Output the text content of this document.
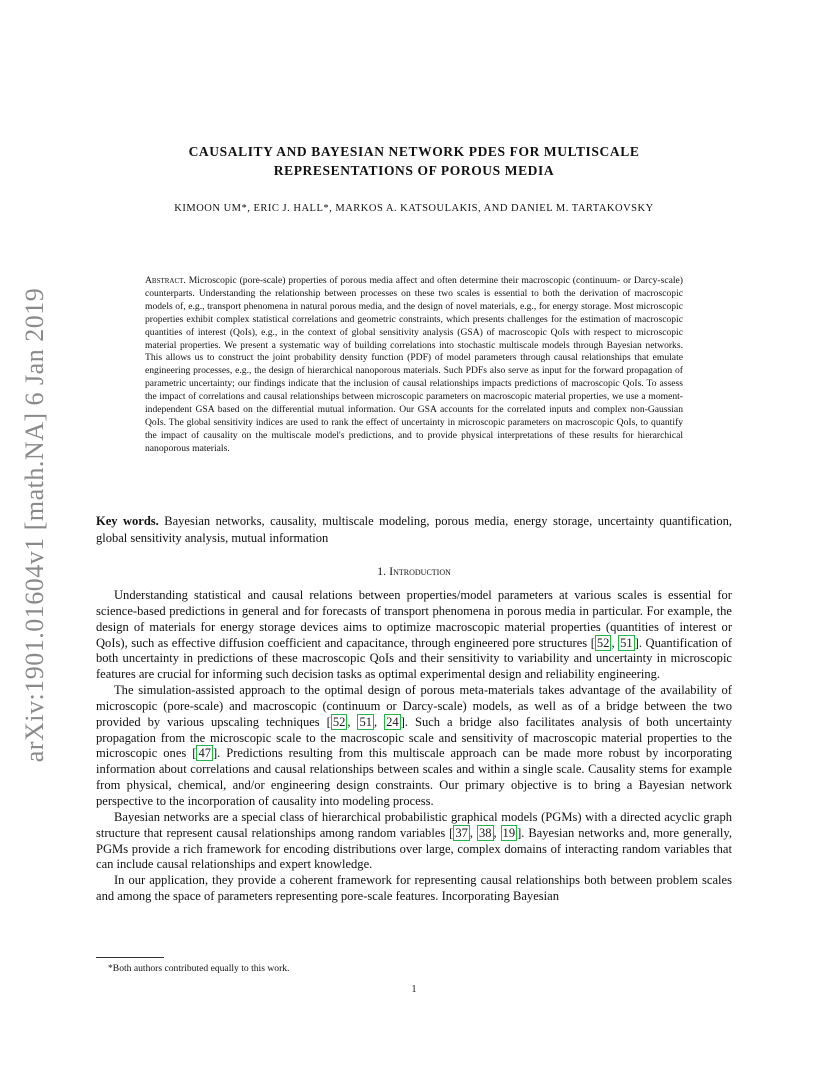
arXiv:1901.01604v1 [math.NA] 6 Jan 2019
CAUSALITY AND BAYESIAN NETWORK PDES FOR MULTISCALE
REPRESENTATIONS OF POROUS MEDIA
KIMOON UM*, ERIC J. HALL*, MARKOS A. KATSOULAKIS, AND DANIEL M. TARTAKOVSKY
Abstract. Microscopic (pore-scale) properties of porous media affect and often determine their macroscopic (continuum- or Darcy-scale) counterparts. Understanding the relationship between processes on these two scales is essential to both the derivation of macroscopic models of, e.g., transport phenomena in natural porous media, and the design of novel materials, e.g., for energy storage. Most microscopic properties exhibit complex statistical correlations and geometric constraints, which presents challenges for the estimation of macroscopic quantities of interest (QoIs), e.g., in the context of global sensitivity analysis (GSA) of macroscopic QoIs with respect to microscopic material properties. We present a systematic way of building correlations into stochastic multiscale models through Bayesian networks. This allows us to construct the joint probability density function (PDF) of model parameters through causal relationships that emulate engineering processes, e.g., the design of hierarchical nanoporous materials. Such PDFs also serve as input for the forward propagation of parametric uncertainty; our findings indicate that the inclusion of causal relationships impacts predictions of macroscopic QoIs. To assess the impact of correlations and causal relationships between microscopic parameters on macroscopic material properties, we use a moment-independent GSA based on the differential mutual information. Our GSA accounts for the correlated inputs and complex non-Gaussian QoIs. The global sensitivity indices are used to rank the effect of uncertainty in microscopic parameters on macroscopic QoIs, to quantify the impact of causality on the multiscale model's predictions, and to provide physical interpretations of these results for hierarchical nanoporous materials.
Key words. Bayesian networks, causality, multiscale modeling, porous media, energy storage, uncertainty quantification, global sensitivity analysis, mutual information
1. Introduction

Understanding statistical and causal relations between properties/model parameters at various scales is essential for science-based predictions in general and for forecasts of transport phenomena in porous media in particular. For example, the design of materials for energy storage devices aims to optimize macroscopic material properties (quantities of interest or QoIs), such as effective diffusion coefficient and capacitance, through engineered pore structures [ 52 , 51 ]. Quantification of both uncertainty in predictions of these macroscopic QoIs and their sensitivity to variability and uncertainty in microscopic features are crucial for informing such decision tasks as optimal experimental design and reliability engineering.

The simulation-assisted approach to the optimal design of porous meta-materials takes advantage of the availability of microscopic (pore-scale) and macroscopic (continuum or Darcy-scale) models, as well as of a bridge between the two provided by various upscaling techniques [ 52 , 51 , 24 ]. Such a bridge also facilitates analysis of both uncertainty propagation from the microscopic scale to the macroscopic scale and sensitivity of macroscopic material properties to the microscopic ones [ 47 ]. Predictions resulting from this multiscale approach can be made more robust by incorporating information about correlations and causal relationships between scales and within a single scale. Causality stems for example from physical, chemical, and/or engineering design constraints. Our primary objective is to bring a Bayesian network perspective to the incorporation of causality into modeling process.

Bayesian networks are a special class of hierarchical probabilistic graphical models (PGMs) with a directed acyclic graph structure that represent causal relationships among random variables [ 37 , 38 , 19 ]. Bayesian networks and, more generally, PGMs provide a rich framework for encoding distributions over large, complex domains of interacting random variables that can include causal relationships and expert knowledge.

In our application, they provide a coherent framework for representing causal relationships both between problem scales and among the space of parameters representing pore-scale features. Incorporating Bayesian

*Both authors contributed equally to this work.
1
